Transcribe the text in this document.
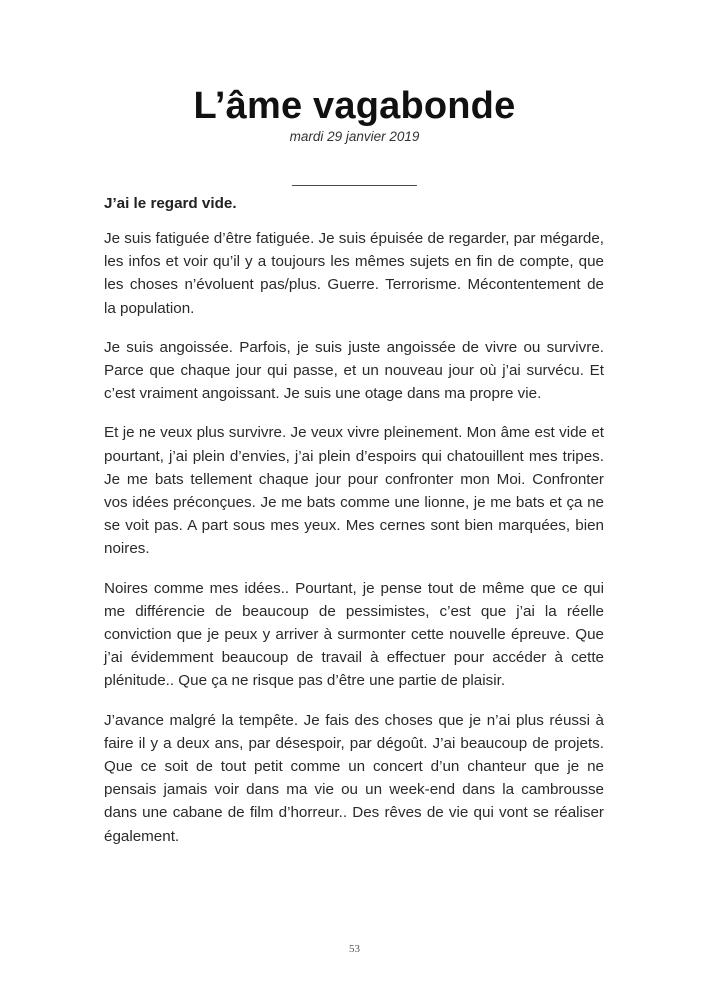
L’âme vagabonde
mardi 29 janvier 2019
________________

J’ai le regard vide.

Je suis fatiguée d’être fatiguée. Je suis épuisée de regarder, par mégarde, les infos et voir qu’il y a toujours les mêmes sujets en fin de compte, que les choses n’évoluent pas/plus. Guerre. Terrorisme. Mécontentement de la population.

Je suis angoissée. Parfois, je suis juste angoissée de vivre ou survivre. Parce que chaque jour qui passe, et un nouveau jour où j’ai survécu. Et c’est vraiment angoissant. Je suis une otage dans ma propre vie.

Et je ne veux plus survivre. Je veux vivre pleinement. Mon âme est vide et pourtant, j’ai plein d’envies, j’ai plein d’espoirs qui chatouillent mes tripes. Je me bats tellement chaque jour pour confronter mon Moi. Confronter vos idées préconçues. Je me bats comme une lionne, je me bats et ça ne se voit pas. A part sous mes yeux. Mes cernes sont bien marquées, bien noires.

Noires comme mes idées.. Pourtant, je pense tout de même que ce qui me différencie de beaucoup de pessimistes, c’est que j’ai la réelle conviction que je peux y arriver à surmonter cette nouvelle épreuve. Que j’ai évidemment beaucoup de travail à effectuer pour accéder à cette plénitude.. Que ça ne risque pas d’être une partie de plaisir.

J’avance malgré la tempête. Je fais des choses que je n’ai plus réussi à faire il y a deux ans, par désespoir, par dégoût. J’ai beaucoup de projets. Que ce soit de tout petit comme un concert d’un chanteur que je ne pensais jamais voir dans ma vie ou un week-end dans la cambrousse dans une cabane de film d’horreur.. Des rêves de vie qui vont se réaliser également.

53
